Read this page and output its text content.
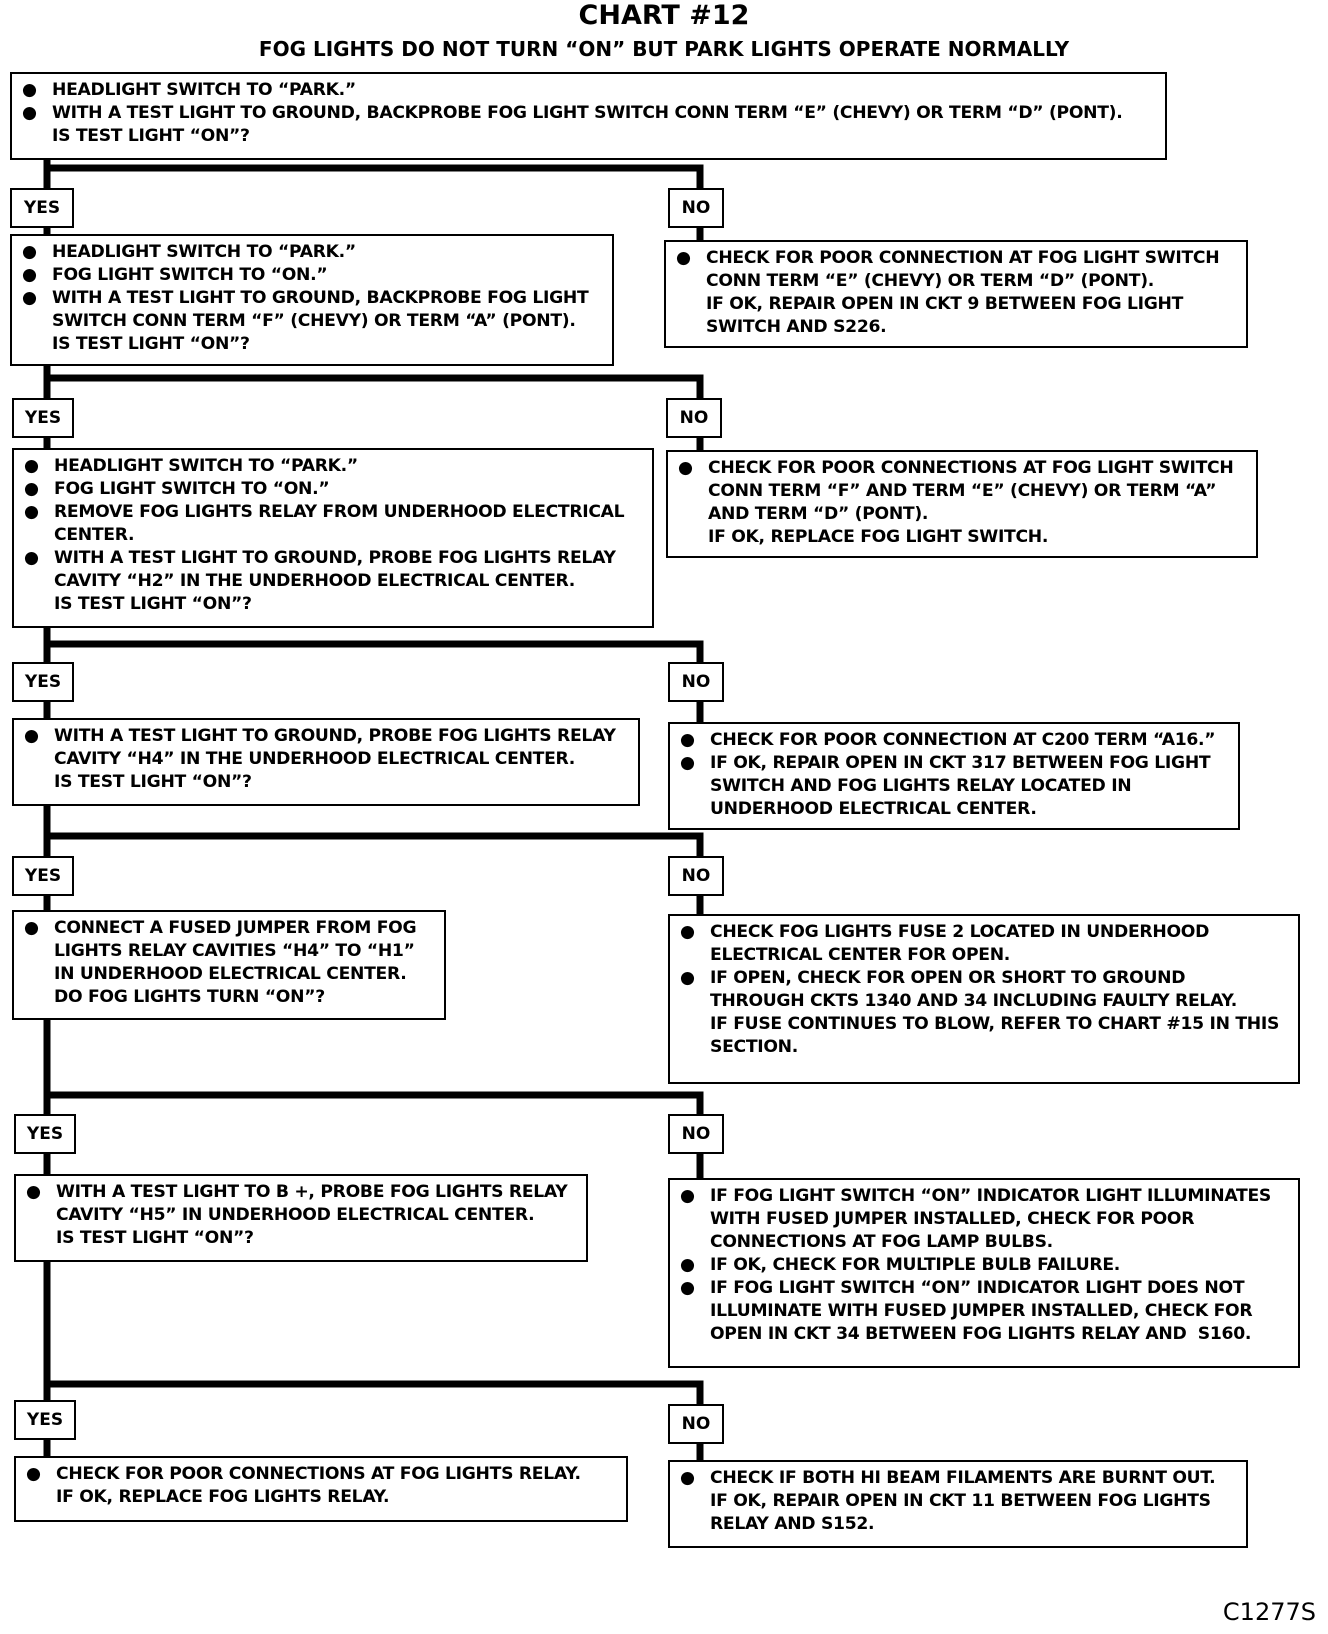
CHART #12
FOG LIGHTS DO NOT TURN “ON” BUT PARK LIGHTS OPERATE NORMALLY
● HEADLIGHT SWITCH TO “PARK.”
● WITH A TEST LIGHT TO GROUND, BACKPROBE FOG LIGHT SWITCH CONN TERM “E” (CHEVY) OR TERM “D” (PONT).
IS TEST LIGHT “ON”?
YES	NO
● HEADLIGHT SWITCH TO “PARK.”
● FOG LIGHT SWITCH TO “ON.”
● WITH A TEST LIGHT TO GROUND, BACKPROBE FOG LIGHT
SWITCH CONN TERM “F” (CHEVY) OR TERM “A” (PONT).
IS TEST LIGHT “ON”?
● CHECK FOR POOR CONNECTION AT FOG LIGHT SWITCH
CONN TERM “E” (CHEVY) OR TERM “D” (PONT).
IF OK, REPAIR OPEN IN CKT 9 BETWEEN FOG LIGHT
SWITCH AND S226.
YES	NO
● HEADLIGHT SWITCH TO “PARK.”
● FOG LIGHT SWITCH TO “ON.”
● REMOVE FOG LIGHTS RELAY FROM UNDERHOOD ELECTRICAL
CENTER.
● WITH A TEST LIGHT TO GROUND, PROBE FOG LIGHTS RELAY
CAVITY “H2” IN THE UNDERHOOD ELECTRICAL CENTER.
IS TEST LIGHT “ON”?
● CHECK FOR POOR CONNECTIONS AT FOG LIGHT SWITCH
CONN TERM “F” AND TERM “E” (CHEVY) OR TERM “A”
AND TERM “D” (PONT).
IF OK, REPLACE FOG LIGHT SWITCH.
YES	NO
● WITH A TEST LIGHT TO GROUND, PROBE FOG LIGHTS RELAY
CAVITY “H4” IN THE UNDERHOOD ELECTRICAL CENTER.
IS TEST LIGHT “ON”?
● CHECK FOR POOR CONNECTION AT C200 TERM “A16.”
● IF OK, REPAIR OPEN IN CKT 317 BETWEEN FOG LIGHT
SWITCH AND FOG LIGHTS RELAY LOCATED IN
UNDERHOOD ELECTRICAL CENTER.
YES	NO
● CONNECT A FUSED JUMPER FROM FOG
LIGHTS RELAY CAVITIES “H4” TO “H1”
IN UNDERHOOD ELECTRICAL CENTER.
DO FOG LIGHTS TURN “ON”?
● CHECK FOG LIGHTS FUSE 2 LOCATED IN UNDERHOOD
ELECTRICAL CENTER FOR OPEN.
● IF OPEN, CHECK FOR OPEN OR SHORT TO GROUND
THROUGH CKTS 1340 AND 34 INCLUDING FAULTY RELAY.
IF FUSE CONTINUES TO BLOW, REFER TO CHART #15 IN THIS
SECTION.
YES	NO
● WITH A TEST LIGHT TO B +, PROBE FOG LIGHTS RELAY
CAVITY “H5” IN UNDERHOOD ELECTRICAL CENTER.
IS TEST LIGHT “ON”?
● IF FOG LIGHT SWITCH “ON” INDICATOR LIGHT ILLUMINATES
WITH FUSED JUMPER INSTALLED, CHECK FOR POOR
CONNECTIONS AT FOG LAMP BULBS.
● IF OK, CHECK FOR MULTIPLE BULB FAILURE.
● IF FOG LIGHT SWITCH “ON” INDICATOR LIGHT DOES NOT
ILLUMINATE WITH FUSED JUMPER INSTALLED, CHECK FOR
OPEN IN CKT 34 BETWEEN FOG LIGHTS RELAY AND  S160.
YES	NO
● CHECK FOR POOR CONNECTIONS AT FOG LIGHTS RELAY.
IF OK, REPLACE FOG LIGHTS RELAY.
● CHECK IF BOTH HI BEAM FILAMENTS ARE BURNT OUT.
IF OK, REPAIR OPEN IN CKT 11 BETWEEN FOG LIGHTS
RELAY AND S152.
C1277S
